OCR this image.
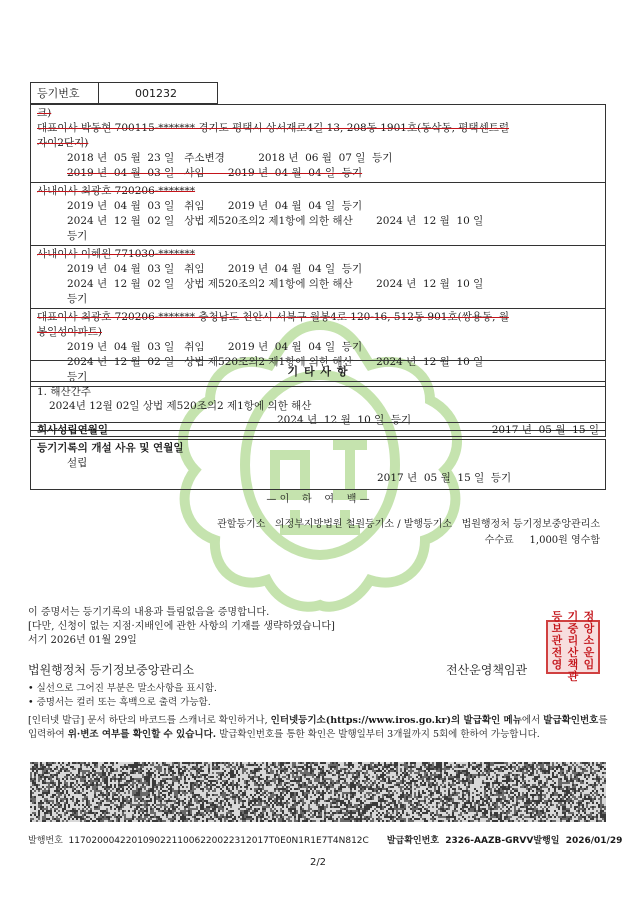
등기번호	001232
크)
대표이사 박동현 700115-******* 경기도 평택시 상서재로4길 13, 208동 1901호(동삭동, 평택센트럴
자이2단지)
2018 년  05 월  23 일   주소변경          2018 년  06 월  07 일  등기
2019 년  04 월  03 일   사임       2019 년  04 월  04 일  등기
사내이사 최광호 720206-*******
2019 년  04 월  03 일   취임       2019 년  04 월  04 일  등기
2024 년  12 월  02 일   상법 제520조의2 제1항에 의한 해산       2024 년  12 월  10 일
등기
사내이사 이혜원 771030-*******
2019 년  04 월  03 일   취임       2019 년  04 월  04 일  등기
2024 년  12 월  02 일   상법 제520조의2 제1항에 의한 해산       2024 년  12 월  10 일
등기
대표이사 최광호 720206-******* 충청남도 천안시 서북구 월봉4로 120-16, 512동 901호(쌍용동, 월
봉일성아파트)
2019 년  04 월  03 일   취임       2019 년  04 월  04 일  등기
2024 년  12 월  02 일   상법 제520조의2 제1항에 의한 해산       2024 년  12 월  10 일
등기	기 타 사 항
1. 해산간주
2024년 12월 02일 상법 제520조의2 제1항에 의한 해산
2024 년  12 월  10 일  등기
회사성립연월일	2017 년  05 월  15 일
등기기록의 개설 사유 및 연월일
설립
2017 년  05 월  15 일  등기
— 이    하    여    백 —
관할등기소   의정부지방법원 철원등기소 / 발행등기소   법원행정처 등기정보중앙관리소
수수료     1,000원 영수함
이 증명서는 등기기록의 내용과 틀림없음을 증명합니다.
[다만, 신청이 없는 지점·지배인에 관한 사항의 기재를 생략하였습니다]
서기 2026년 01월 29일
등 기 정
보 중 앙
관 리 소
전 산 운
영 책 임
관
법원행정처 등기정보중앙관리소	전산운영책임관
• 실선으로 그어진 부분은 말소사항을 표시함.
• 증명서는 컬러 또는 흑백으로 출력 가능함.
[인터넷 발급] 문서 하단의 바코드를 스캐너로 확인하거나, 인터넷등기소(https://www.iros.go.kr)의 발급확인 메뉴에서 발급확인번호를 입력하여 위·변조 여부를 확인할 수 있습니다. 발급확인번호를 통한 확인은 발행일부터 3개월까지 5회에 한하여 가능합니다.
발행번호  11702000422010902211006220022312017T0E0N1R1E7T4N812C 발급확인번호  2326-AAZB-GRVV 발행일  2026/01/29
2/2
